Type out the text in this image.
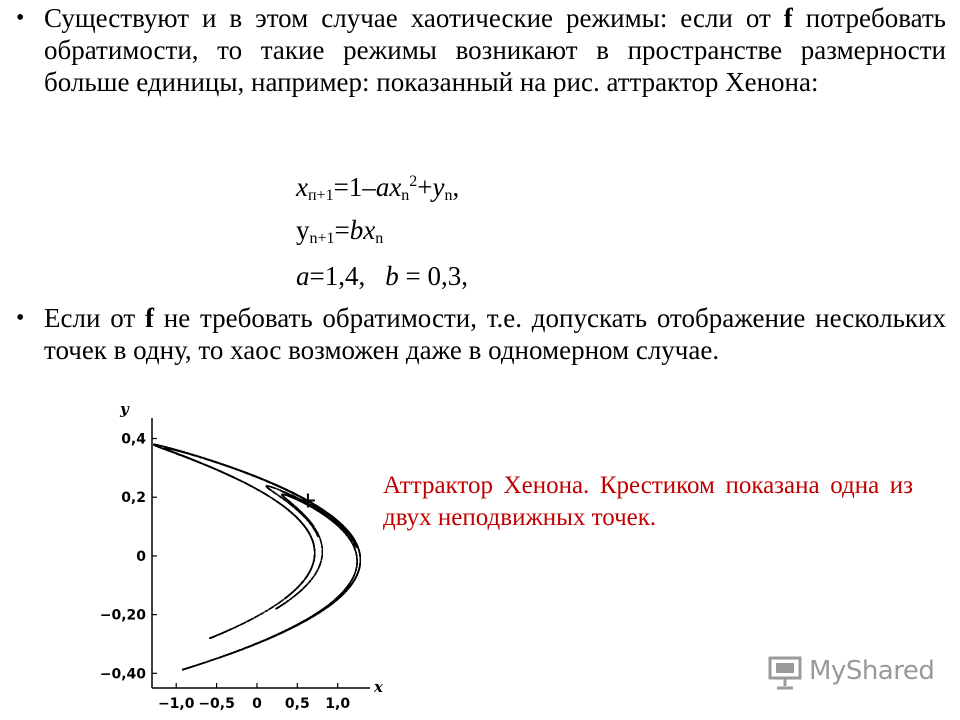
• Существуют и в этом случае хаотические режимы: если от f потребовать обратимости, то такие режимы возникают в пространстве размерности больше единицы, например: показанный на рис. аттрактор Хенона:
$x_{п+1}=1-ax_n^2+y_n$,
$y_{n+1}=bx_n$
a=1,4, b = 0,3,
• Если от f не требовать обратимости, т.е. допускать отображение нескольких точек в одну, то хаос возможен даже в одномерном случае.
−1,0 −0,5 0 0,5 1,0
0,4
0,2
0
−0,20
−0,40
x
y
Аттрактор Хенона. Крестиком показана одна из двух неподвижных точек.
MyShared
